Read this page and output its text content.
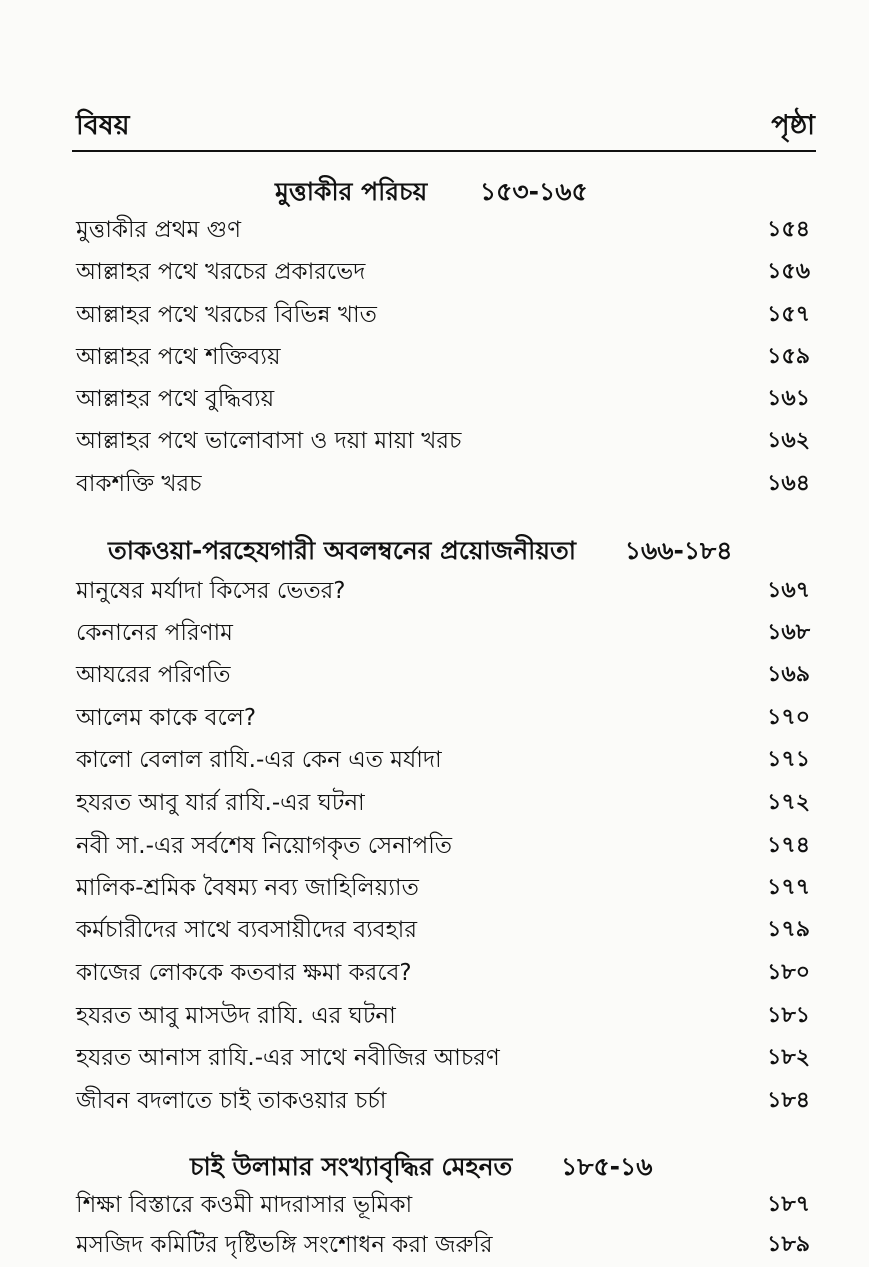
বিষয়	পৃষ্ঠা
মুত্তাকীর পরিচয় ১৫৩-১৬৫
মুত্তাকীর প্রথম গুণ	১৫৪
আল্লাহর পথে খরচের প্রকারভেদ	১৫৬
আল্লাহর পথে খরচের বিভিন্ন খাত	১৫৭
আল্লাহর পথে শক্তিব্যয়	১৫৯
আল্লাহর পথে বুদ্ধিব্যয়	১৬১
আল্লাহর পথে ভালোবাসা ও দয়া মায়া খরচ	১৬২
বাকশক্তি খরচ	১৬৪
তাকওয়া-পরহেযগারী অবলম্বনের প্রয়োজনীয়তা ১৬৬-১৮৪
মানুষের মর্যাদা কিসের ভেতর?	১৬৭
কেনানের পরিণাম	১৬৮
আযরের পরিণতি	১৬৯
আলেম কাকে বলে?	১৭০
কালো বেলাল রাযি.-এর কেন এত মর্যাদা	১৭১
হযরত আবু যার্র রাযি.-এর ঘটনা	১৭২
নবী সা.-এর সর্বশেষ নিয়োগকৃত সেনাপতি	১৭৪
মালিক-শ্রমিক বৈষম্য নব্য জাহিলিয়্যাত	১৭৭
কর্মচারীদের সাথে ব্যবসায়ীদের ব্যবহার	১৭৯
কাজের লোককে কতবার ক্ষমা করবে?	১৮০
হযরত আবু মাসউদ রাযি. এর ঘটনা	১৮১
হযরত আনাস রাযি.-এর সাথে নবীজির আচরণ	১৮২
জীবন বদলাতে চাই তাকওয়ার চর্চা	১৮৪
চাই উলামার সংখ্যাবৃদ্ধির মেহনত ১৮৫-১৬
শিক্ষা বিস্তারে কওমী মাদরাসার ভূমিকা	১৮৭
মসজিদ কমিটির দৃষ্টিভঙ্গি সংশোধন করা জরুরি	১৮৯
